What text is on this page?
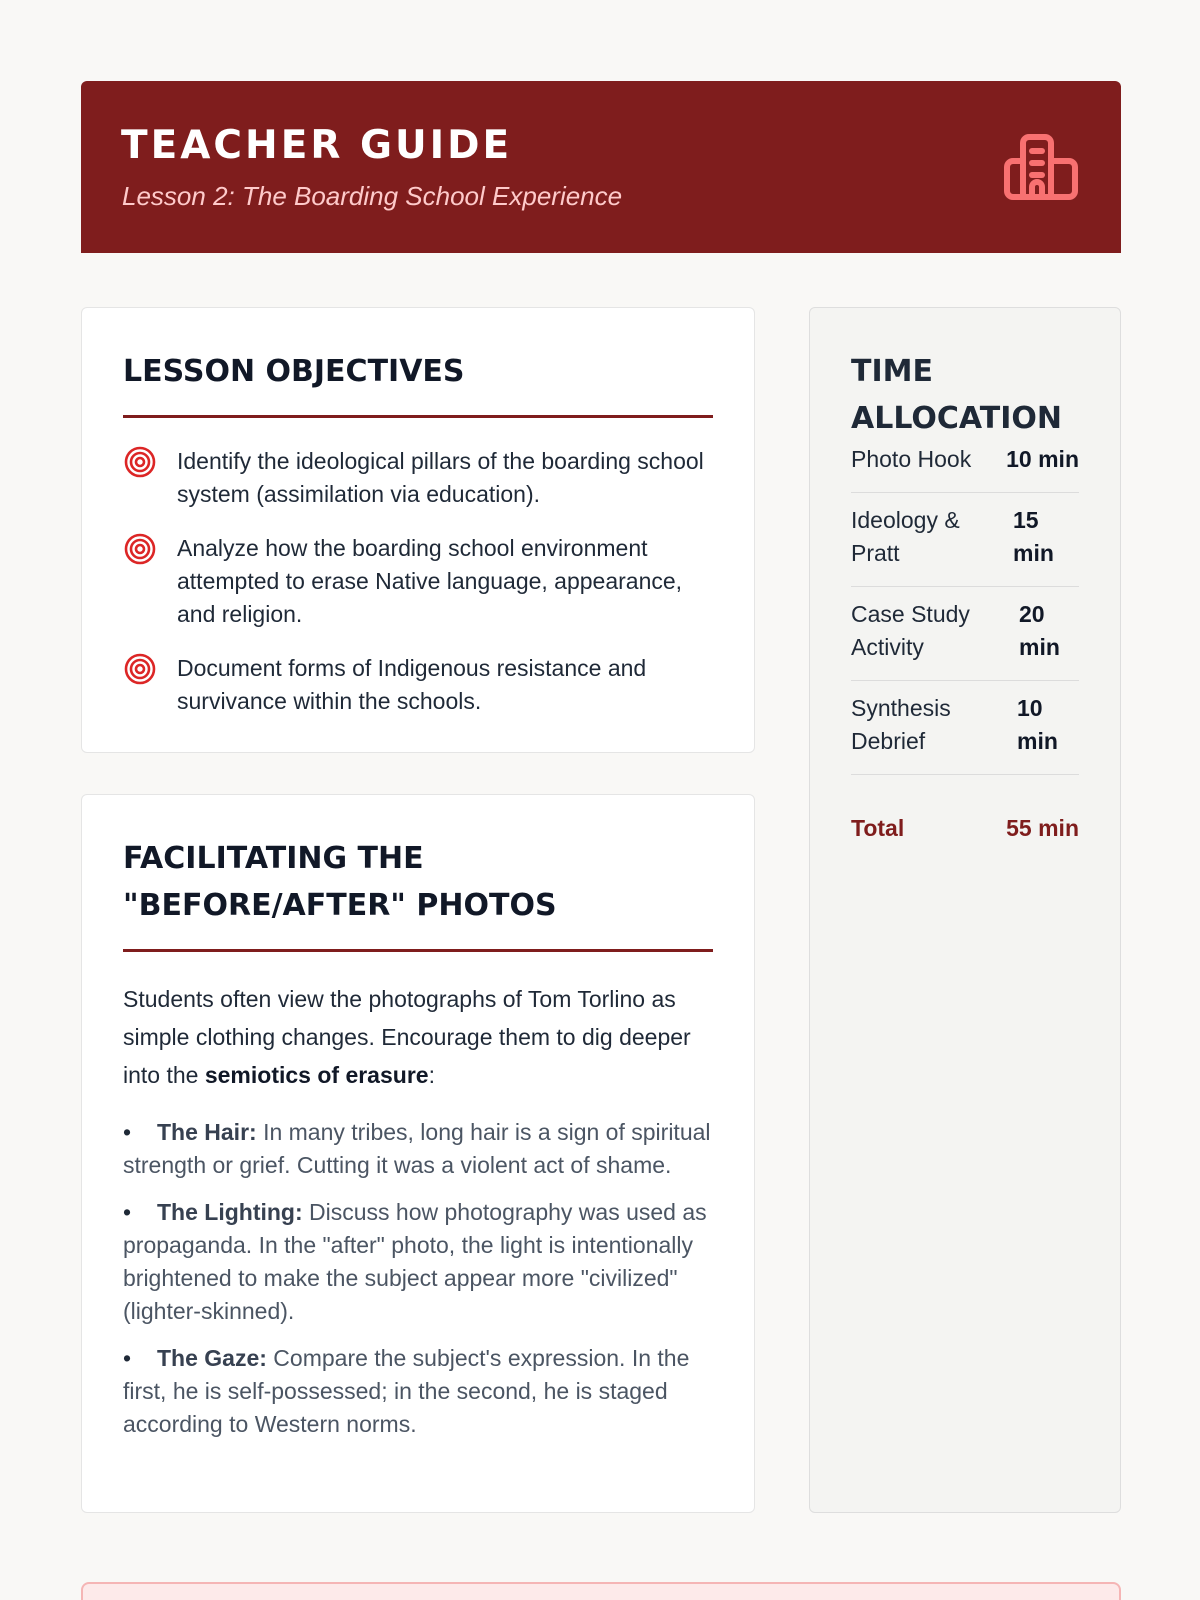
TEACHER GUIDE
Lesson 2: The Boarding School Experience
LESSON OBJECTIVES
Identify the ideological pillars of the boarding school system (assimilation via education).
Analyze how the boarding school environment attempted to erase Native language, appearance, and religion.
Document forms of Indigenous resistance and survivance within the schools.
FACILITATING THE
"BEFORE/AFTER" PHOTOS

Students often view the photographs of Tom Torlino as simple clothing changes. Encourage them to dig deeper into the semiotics of erasure:

• The Hair: In many tribes, long hair is a sign of spiritual strength or grief. Cutting it was a violent act of shame.
• The Lighting: Discuss how photography was used as propaganda. In the "after" photo, the light is intentionally brightened to make the subject appear more "civilized" (lighter-skinned).
• The Gaze: Compare the subject's expression. In the first, he is self-possessed; in the second, he is staged according to Western norms.
TIME
ALLOCATION
Photo Hook 10 min
Ideology & Pratt
15 min
Case Study Activity
20 min
Synthesis Debrief
10 min
Total	55 min
